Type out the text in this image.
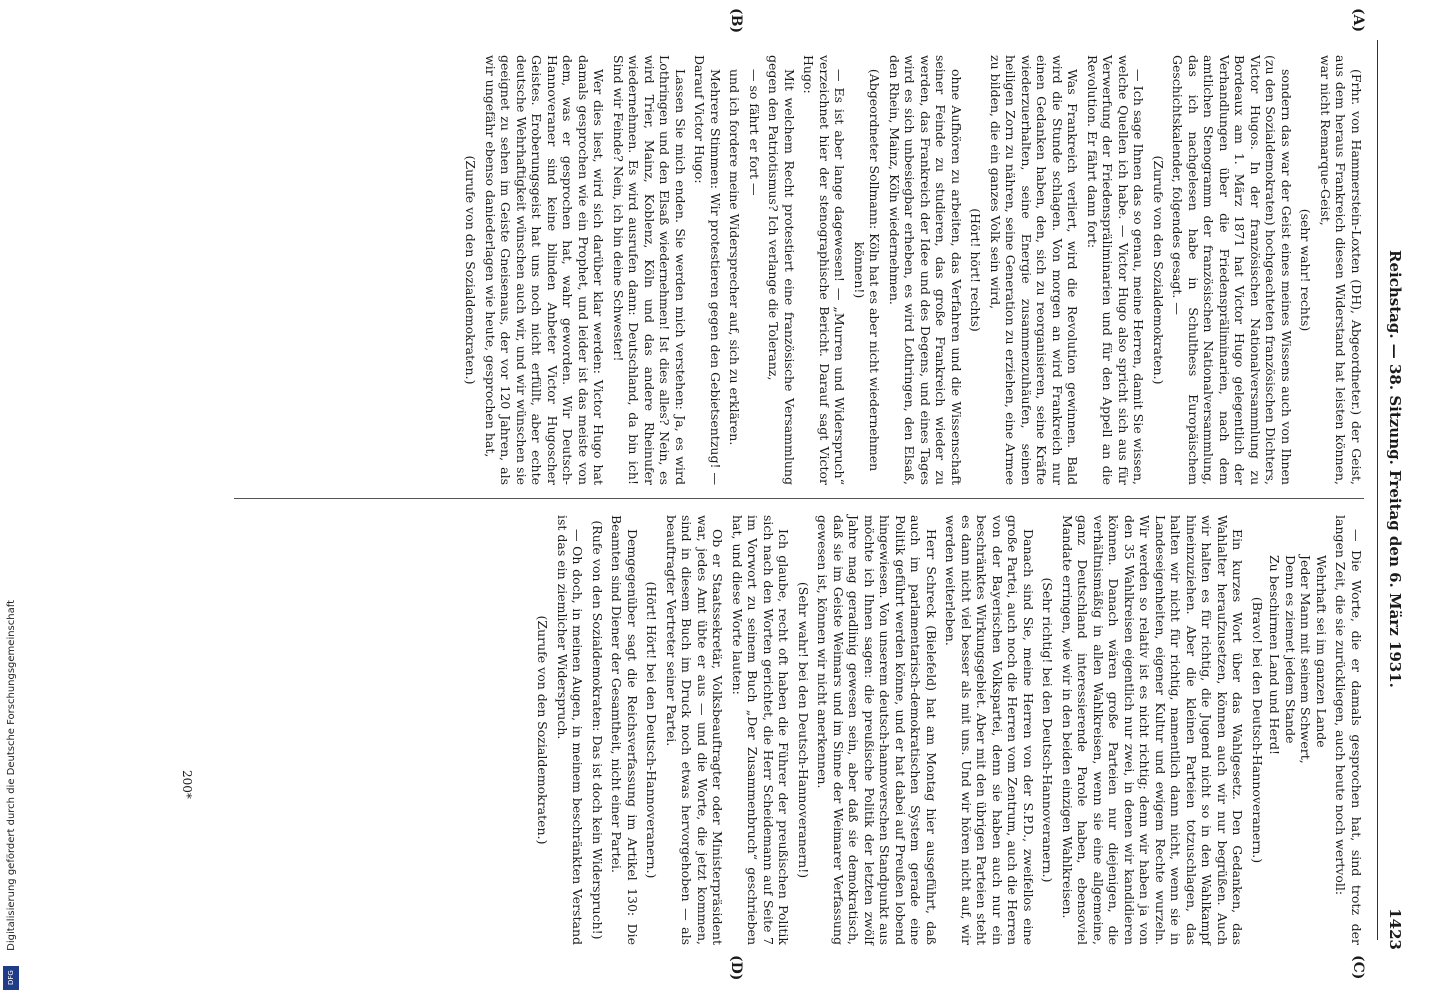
Reichstag. — 38. Sitzung. Freitag den 6. März 1931.
1423
(A)
(B)
(C)
(D)

(Frhr. von Hammerstein-Loxten (DH), Abgeordneter.) der Geist, aus dem heraus Frankreich diesen Widerstand hat leisten können, war nicht Remarque-Geist,

(sehr wahr! rechts)

sondern das war der Geist eines meines Wissens auch von Ihnen (zu den Sozialdemokraten) hochgeachteten französischen Dichters, Victor Hugos. In der französischen Nationalversammlung zu Bordeaux am 1. März 1871 hat Victor Hugo gelegentlich der Verhandlungen über die Friedenspräliminarien, nach dem amtlichen Stenogramm der französischen Nationalversammlung, das ich nachgelesen habe in Schulthess Europäischem Geschichtskalender, folgendes gesagt. —

(Zurufe von den Sozialdemokraten.)

— Ich sage Ihnen das so genau, meine Herren, damit Sie wissen, welche Quellen ich habe. — Victor Hugo also spricht sich aus für Verwerfung der Friedenspräliminarien und für den Appell an die Revolution. Er fährt dann fort:

Was Frankreich verliert, wird die Revolution gewinnen. Bald wird die Stunde schlagen. Von morgen an wird Frankreich nur einen Gedanken haben, den, sich zu reorganisieren, seine Kräfte wiederzuerhalten, seine Energie zusammenzuhäufen, seinen heiligen Zorn zu nähren, seine Generation zu erziehen, eine Armee zu bilden, die ein ganzes Volk sein wird,

(Hört! hört! rechts)

ohne Aufhören zu arbeiten, das Verfahren und die Wissenschaft seiner Feinde zu studieren, das große Frankreich wieder zu werden, das Frankreich der Idee und des Degens, und eines Tages wird es sich unbesiegbar erheben, es wird Lothringen, den Elsaß, den Rhein, Mainz, Köln wiedernehmen.

(Abgeordneter Sollmann: Köln hat es aber nicht wiedernehmen können!)

— Es ist aber lange dagewesen! — „Murren und Widerspruch“ verzeichnet hier der stenographische Bericht. Darauf sagt Victor Hugo:

Mit welchem Recht protestiert eine französische Versammlung gegen den Patriotismus? Ich verlange die Toleranz,

— so fährt er fort —

und ich fordere meine Widersprecher auf, sich zu erklären.

Mehrere Stimmen: Wir protestieren gegen den Gebietsentzug! — Darauf Victor Hugo:

Lassen Sie mich enden. Sie werden mich verstehen: Ja, es wird Lothringen und den Elsaß wiedernehmen! Ist dies alles? Nein, es wird Trier, Mainz, Koblenz, Köln und das andere Rheinufer wiedernehmen. Es wird ausrufen dann: Deutschland, da bin ich! Sind wir Feinde? Nein, ich bin deine Schwester!

Wer dies liest, wird sich darüber klar werden: Victor Hugo hat damals gesprochen wie ein Prophet, und leider ist das meiste von dem, was er gesprochen hat, wahr geworden. Wir Deutsch-Hannoveraner sind keine blinden Anbeter Victor Hugoscher Geistes. Eroberungsgeist hat uns noch nicht erfüllt, aber echte deutsche Wehrhaftigkeit wünschen auch wir, und wir wünschen sie geeignet zu sehen im Geiste Gneisenaus, der vor 120 Jahren, als wir ungefähr ebenso daniederlagen wie heute, gesprochen hat,

(Zurufe von den Sozialdemokraten.)

— Die Worte, die er damals gesprochen hat, sind trotz der langen Zeit, die sie zurückliegen, auch heute noch wertvoll:

Wehrhaft sei im ganzen Lande

Jeder Mann mit seinem Schwert,

Denn es ziemet jedem Stande

Zu beschirmen Land und Herd!

(Bravo! bei den Deutsch-Hannoveranern.)

Ein kurzes Wort über das Wahlgesetz. Den Gedanken, das Wahlalter heraufzusetzen, können auch wir nur begrüßen. Auch wir halten es für richtig, die Jugend nicht so in den Wahlkampf hineinzuziehen. Aber die kleinen Parteien totzuschlagen, das halten wir nicht für richtig, namentlich dann nicht, wenn sie in Landeseigenheiten, eigener Kultur und ewigem Rechte wurzeln. Wir werden so relativ ist es nicht richtig; denn wir haben ja von den 35 Wahlkreisen eigentlich nur zwei, in denen wir kandidieren können. Danach wären große Parteien nur diejenigen, die verhältnismäßig in allen Wahlkreisen, wenn sie eine allgemeine, ganz Deutschland interessierende Parole haben, ebensoviel Mandate erringen, wie wir in den beiden einzigen Wahlkreisen.

(Sehr richtig! bei den Deutsch-Hannoveranern.)

Danach sind Sie, meine Herren von der S.P.D., zweifellos eine große Partei, auch noch die Herren vom Zentrum, auch die Herren von der Bayerischen Volkspartei, denn sie haben auch nur ein beschränktes Wirkungsgebiet. Aber mit den übrigen Parteien steht es dann nicht viel besser als mit uns. Und wir hören nicht auf, wir werden weiterleben.

Herr Schreck (Bielefeld) hat am Montag hier ausgeführt, daß auch im parlamentarisch-demokratischen System gerade eine Politik geführt werden könne, und er hat dabei auf Preußen lobend hingewiesen. Von unserem deutsch-hannoverschen Standpunkt aus möchte ich Ihnen sagen: die preußische Politik der letzten zwölf Jahre mag geradlinig gewesen sein, aber daß sie demokratisch, daß sie im Geiste Weimars und im Sinne der Weimarer Verfassung gewesen ist, können wir nicht anerkennen.

(Sehr wahr! bei den Deutsch-Hannoveranern!)

Ich glaube, recht oft haben die Führer der preußischen Politik sich nach den Worten gerichtet, die Herr Scheidemann auf Seite 7 im Vorwort zu seinem Buch „Der Zusammenbruch“ geschrieben hat, und diese Worte lauten:

Ob er Staatssekretär, Volksbeauftragter oder Ministerpräsident war, jedes Amt übte er aus — und die Worte, die jetzt kommen, sind in diesem Buch im Druck noch etwas hervorgehoben — als beauftragter Vertreter seiner Partei.

(Hört! Hört! bei den Deutsch-Hannoveranern.)

Demgegenüber sagt die Reichsverfassung im Artikel 130: Die Beamten sind Diener der Gesamtheit, nicht einer Partei.

(Rufe von den Sozialdemokraten: Das ist doch kein Widerspruch!)

— Oh doch, in meinen Augen, in meinem beschränkten Verstand ist das ein ziemlicher Widerspruch.

(Zurufe von den Sozialdemokraten.)

200*
Digitalisierung gefördert durch die Deutsche Forschungsgemeinschaft
DFG
